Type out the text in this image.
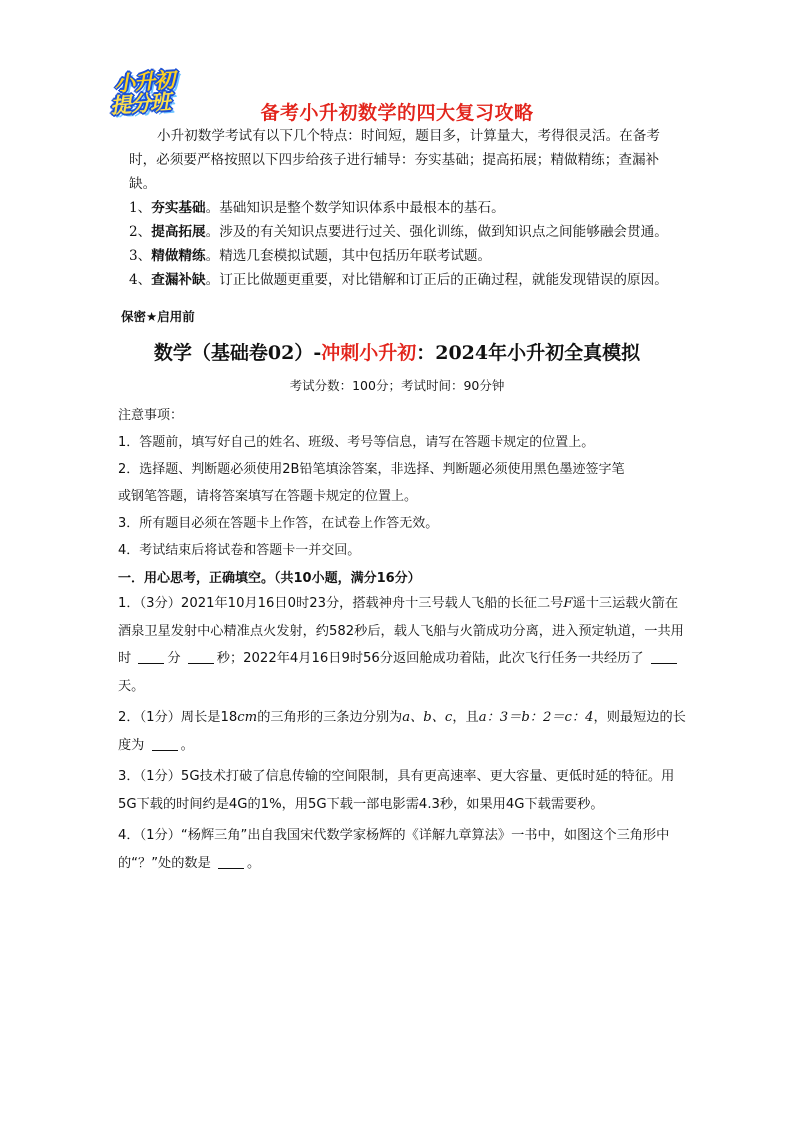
小升初
提分班	备考小升初数学的四大复习攻略

小升初数学考试有以下几个特点：时间短，题目多，计算量大，考得很灵活。在备考时，必须要严格按照以下四步给孩子进行辅导：夯实基础；提高拓展；精做精练；查漏补缺。

1、夯实基础。基础知识是整个数学知识体系中最根本的基石。

2、提高拓展。涉及的有关知识点要进行过关、强化训练，做到知识点之间能够融会贯通。

3、精做精练。精选几套模拟试题，其中包括历年联考试题。

4、查漏补缺。订正比做题更重要，对比错解和订正后的正确过程，就能发现错误的原因。

保密★启用前
数学（基础卷02）-冲刺小升初：2024年小升初全真模拟
考试分数：100分；考试时间：90分钟

注意事项：

1．答题前，填写好自己的姓名、班级、考号等信息，请写在答题卡规定的位置上。

2．选择题、判断题必须使用2B铅笔填涂答案，非选择、判断题必须使用黑色墨迹签字笔

或钢笔答题，请将答案填写在答题卡规定的位置上。

3．所有题目必须在答题卡上作答，在试卷上作答无效。

4．考试结束后将试卷和答题卡一并交回。

一．用心思考，正确填空。（共10小题，满分16分）

1．（3分）2021年10月16日0时23分，搭载神舟十三号载人飞船的长征二号F遥十三运载火箭在酒泉卫星发射中心精准点火发射，约582秒后，载人飞船与火箭成功分离，进入预定轨道，一共用时	分	秒；2022年4月16日9时56分返回舱成功着陆，此次飞行任务一共经历了 天。

2．（1分）周长是18cm的三角形的三条边分别为a、b、c，且a：3＝b：2＝c：4，则最短边的长度为	。

3．（1分）5G技术打破了信息传输的空间限制，具有更高速率、更大容量、更低时延的特征。用5G下载的时间约是4G的1%，用5G下载一部电影需4.3秒，如果用4G下载需要秒。

4．（1分）“杨辉三角”出自我国宋代数学家杨辉的《详解九章算法》一书中，如图这个三角形中的“？”处的数是	。
